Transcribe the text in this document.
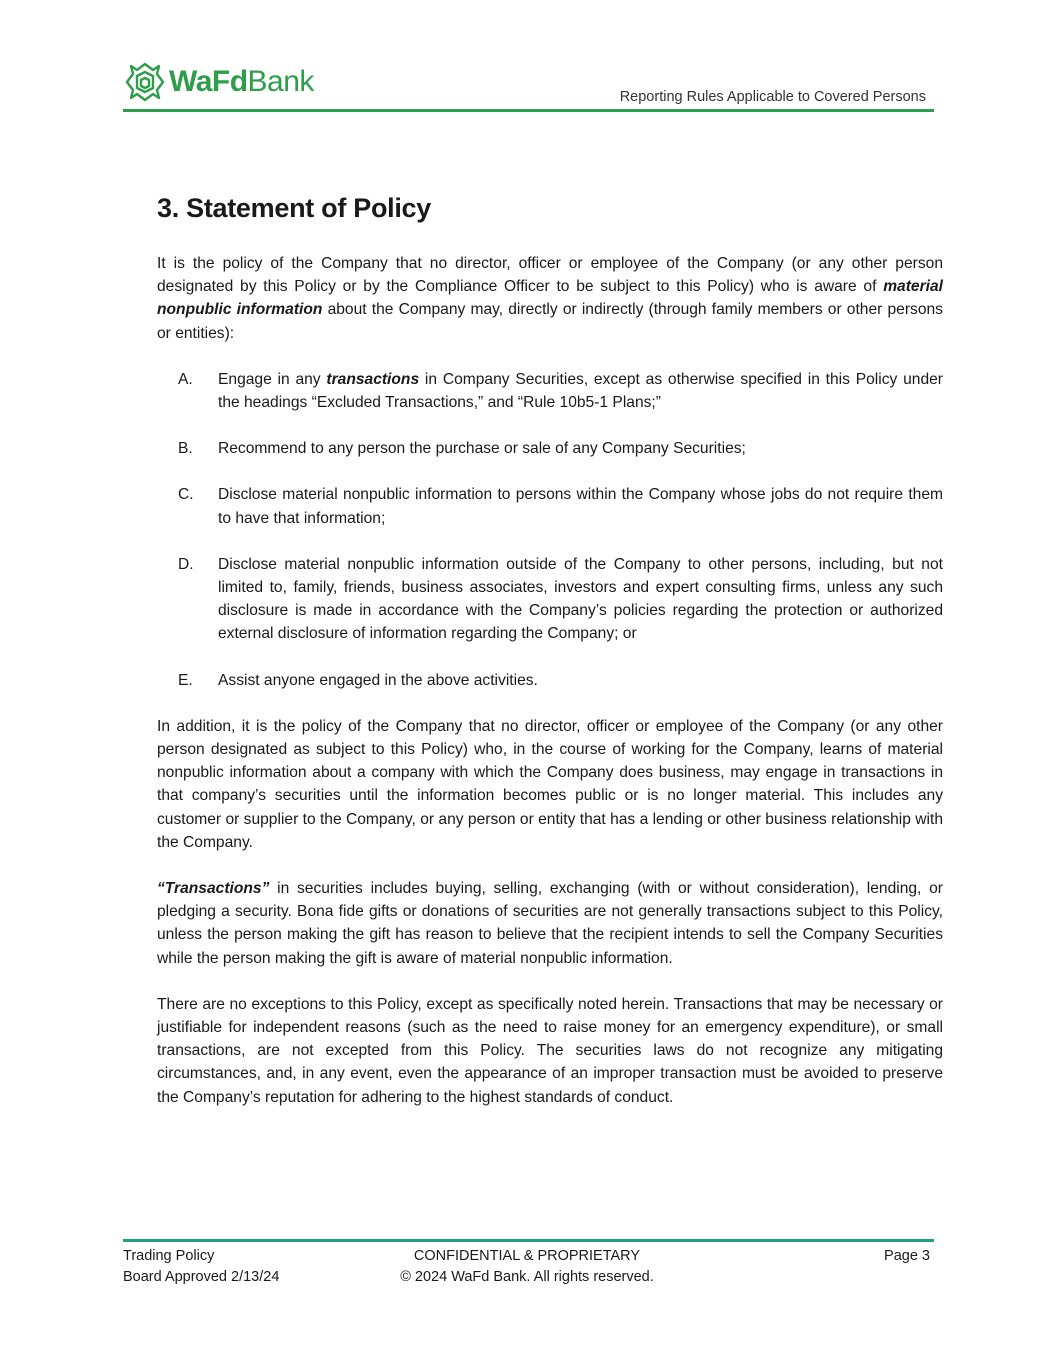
WaFdBank	Reporting Rules Applicable to Covered Persons
3. Statement of Policy

It is the policy of the Company that no director, officer or employee of the Company (or any other person designated by this Policy or by the Compliance Officer to be subject to this Policy) who is aware of material nonpublic information about the Company may, directly or indirectly (through family members or other persons or entities):

A.	Engage in any transactions in Company Securities, except as otherwise specified in this Policy under the headings “Excluded Transactions,” and “Rule 10b5-1 Plans;”
B.	Recommend to any person the purchase or sale of any Company Securities;
C.	Disclose material nonpublic information to persons within the Company whose jobs do not require them to have that information;
D.	Disclose material nonpublic information outside of the Company to other persons, including, but not limited to, family, friends, business associates, investors and expert consulting firms, unless any such disclosure is made in accordance with the Company’s policies regarding the protection or authorized external disclosure of information regarding the Company; or
E.	Assist anyone engaged in the above activities.

In addition, it is the policy of the Company that no director, officer or employee of the Company (or any other person designated as subject to this Policy) who, in the course of working for the Company, learns of material nonpublic information about a company with which the Company does business, may engage in transactions in that company’s securities until the information becomes public or is no longer material. This includes any customer or supplier to the Company, or any person or entity that has a lending or other business relationship with the Company.

“Transactions” in securities includes buying, selling, exchanging (with or without consideration), lending, or pledging a security. Bona fide gifts or donations of securities are not generally transactions subject to this Policy, unless the person making the gift has reason to believe that the recipient intends to sell the Company Securities while the person making the gift is aware of material nonpublic information.

There are no exceptions to this Policy, except as specifically noted herein. Transactions that may be necessary or justifiable for independent reasons (such as the need to raise money for an emergency expenditure), or small transactions, are not excepted from this Policy. The securities laws do not recognize any mitigating circumstances, and, in any event, even the appearance of an improper transaction must be avoided to preserve the Company’s reputation for adhering to the highest standards of conduct.

Trading Policy
Board Approved 2/13/24
CONFIDENTIAL & PROPRIETARY
© 2024 WaFd Bank. All rights reserved.
Page 3
